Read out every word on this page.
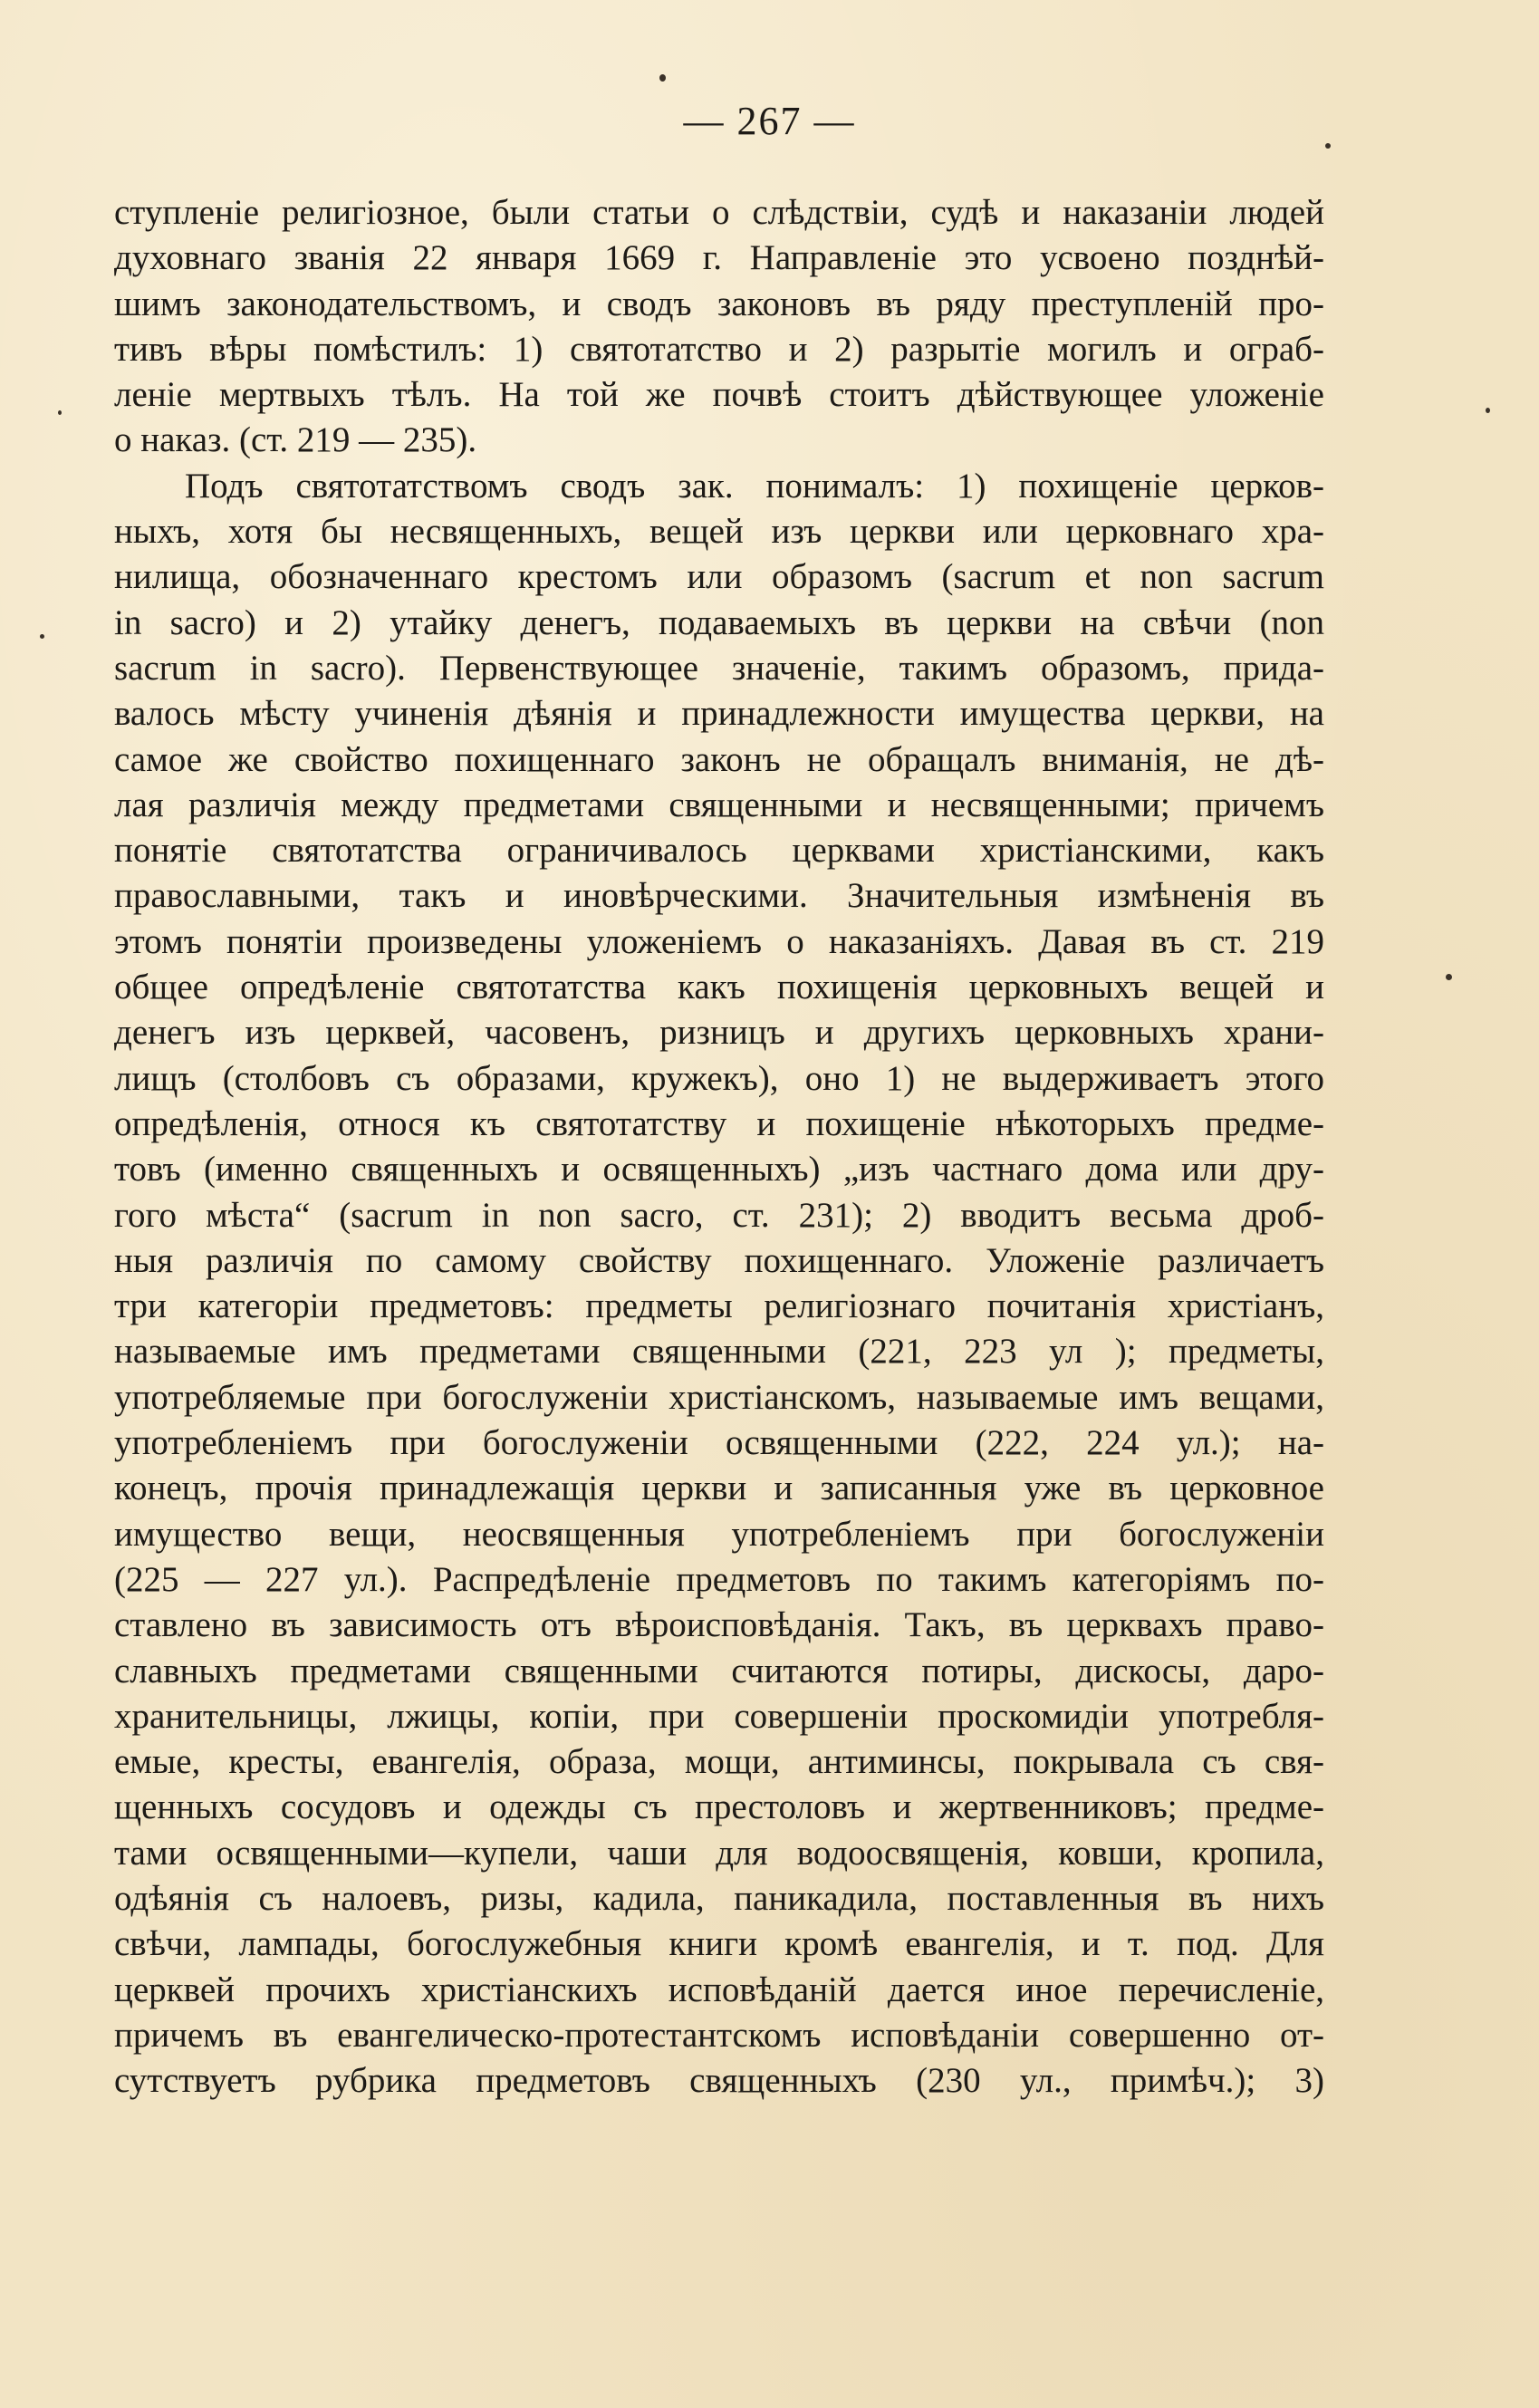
— 267 —
ступленіе религіозное, были статьи о слѣдствіи, судѣ и наказаніи людей
духовнаго званія 22 января 1669 г. Направленіе это усвоено позднѣй-
шимъ законодательствомъ, и сводъ законовъ въ ряду преступленій про-
тивъ вѣры помѣстилъ: 1) святотатство и 2) разрытіе могилъ и ограб-
леніе мертвыхъ тѣлъ. На той же почвѣ стоитъ дѣйствующее уложеніе
о наказ. (ст. 219 — 235).
Подъ святотатствомъ сводъ зак. понималъ: 1) похищеніе церков-
ныхъ, хотя бы несвященныхъ, вещей изъ церкви или церковнаго хра-
нилища, обозначеннаго крестомъ или образомъ (sacrum et non sacrum
in sacro) и 2) утайку денегъ, подаваемыхъ въ церкви на свѣчи (non
sacrum in sacro). Первенствующее значеніе, такимъ образомъ, прида-
валось мѣсту учиненія дѣянія и принадлежности имущества церкви, на
самое же свойство похищеннаго законъ не обращалъ вниманія, не дѣ-
лая различія между предметами священными и несвященными; причемъ
понятіе святотатства ограничивалось церквами христіанскими, какъ
православными, такъ и иновѣрческими. Значительныя измѣненія въ
этомъ понятіи произведены уложеніемъ о наказаніяхъ. Давая въ ст. 219
общее опредѣленіе святотатства какъ похищенія церковныхъ вещей и
денегъ изъ церквей, часовенъ, ризницъ и другихъ церковныхъ храни-
лищъ (столбовъ съ образами, кружекъ), оно 1) не выдерживаетъ этого
опредѣленія, относя къ святотатству и похищеніе нѣкоторыхъ предме-
товъ (именно священныхъ и освященныхъ) „изъ частнаго дома или дру-
гого мѣста“ (sacrum in non sacro, ст. 231); 2) вводитъ весьма дроб-
ныя различія по самому свойству похищеннаго. Уложеніе различаетъ
три категоріи предметовъ: предметы религіознаго почитанія христіанъ,
называемые имъ предметами священными (221, 223 ул ); предметы,
употребляемые при богослуженіи христіанскомъ, называемые имъ вещами,
употребленіемъ при богослуженіи освященными (222, 224 ул.); на-
конецъ, прочія принадлежащія церкви и записанныя уже въ церковное
имущество вещи, неосвященныя употребленіемъ при богослуженіи
(225 — 227 ул.). Распредѣленіе предметовъ по такимъ категоріямъ по-
ставлено въ зависимость отъ вѣроисповѣданія. Такъ, въ церквахъ право-
славныхъ предметами священными считаются потиры, дискосы, даро-
хранительницы, лжицы, копіи, при совершеніи проскомидіи употребля-
емые, кресты, евангелія, образа, мощи, антиминсы, покрывала съ свя-
щенныхъ сосудовъ и одежды съ престоловъ и жертвенниковъ; предме-
тами освященными—купели, чаши для водоосвященія, ковши, кропила,
одѣянія съ налоевъ, ризы, кадила, паникадила, поставленныя въ нихъ
свѣчи, лампады, богослужебныя книги кромѣ евангелія, и т. под. Для
церквей прочихъ христіанскихъ исповѣданій дается иное перечисленіе,
причемъ въ евангелическо-протестантскомъ исповѣданіи совершенно от-
сутствуетъ рубрика предметовъ священныхъ (230 ул., примѣч.); 3)
